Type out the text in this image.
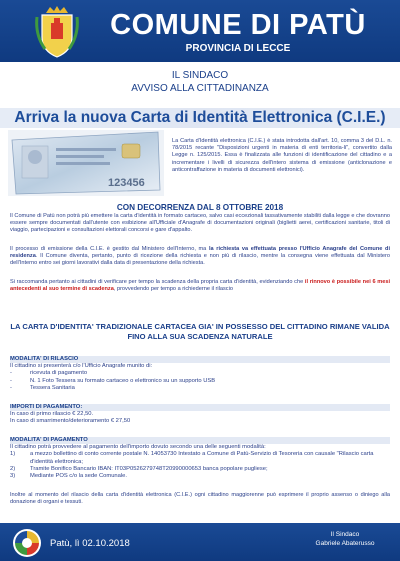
COMUNE DI PATÙ
PROVINCIA DI LECCE
IL SINDACO
AVVISO ALLA CITTADINANZA
Arriva la nuova Carta di Identità Elettronica (C.I.E.)
123456
La Carta d'Identità elettronica (C.I.E.) è stata introdotta dall'art. 10, comma 3 del D.L. n. 78/2015 recante "Disposizioni urgenti in materia di enti territoria-li", convertito dalla Legge n. 125/2015. Essa è finalizzata alle funzioni di identificazione del cittadino e a incrementare i livelli di sicurezza dell'intero sistema di emissione (anticlonazione e anticontraffazione in materia di documenti elettronici).
CON DECORRENZA DAL 8 OTTOBRE 2018
Il Comune di Patù non potrà più emettere la carta d'identità in formato cartaceo, salvo casi eccezionali tassativamente stabiliti dalla legge e che dovranno essere sempre documentati dall'utente con esibizione all'Ufficiale d'Anagrafe di documentazioni originali (biglietti aerei, certificazioni sanitarie, titoli di viaggio, partecipazioni e consultazioni elettorali concorsi e gare d'appalto.
Il processo di emissione della C.I.E. è gestito dal Ministero dell'Interno, ma la richiesta va effettuata presso l'Ufficio Anagrafe del Comune di residenza. Il Comune diventa, pertanto, punto di ricezione della richiesta e non più di rilascio, mentre la consegna viene effettuata dal Ministero dell'Interno entro sei giorni lavorativi dalla data di presentazione della richiesta.
Si raccomanda pertanto ai cittadini di verificare per tempo la scadenza della propria carta d'identità, evidenziando che il rinnovo è possibile nei 6 mesi antecedenti al suo termine di scadenza, provvedendo per tempo a richiederne il rilascio
LA CARTA D'IDENTITA' TRADIZIONALE CARTACEA GIA' IN POSSESSO DEL CITTADINO RIMANE VALIDA
FINO ALLA SUA SCADENZA NATURALE
MODALITA' DI RILASCIO
Il cittadino si presenterà c/o l'Ufficio Anagrafe munito di:
-	ricevuta di pagamento
-	N. 1 Foto Tessera su formato cartaceo o elettronico su un supporto USB
-	Tessera Sanitaria
IMPORTI DI PAGAMENTO:
In caso di primo rilascio € 22,50.
In caso di smarrimento/deterioramento € 27,50
MODALITA' DI PAGAMENTO
Il cittadino potrà provvedere al pagamento dell'importo dovuto secondo una delle seguenti modalità:
1)	a mezzo bollettino di conto corrente postale N. 14053730 Intestato a Comune di Patù-Servizio di Tesoreria con causale "Rilascio carta d'identità elettronica;
2)	Tramite Bonifico Bancario IBAN: IT03P0526279748T20990000653 banca popolare pugliese;
3)	Mediante POS c/o la sede Comunale.
Inoltre al momento del rilascio della carta d'identità elettronica (C.I.E.) ogni cittadino maggiorenne può esprimere il proprio assenso o diniego alla donazione di organi e tessuti.
Patù, lì 02.10.2018
Il Sindaco
Gabriele Abaterusso
